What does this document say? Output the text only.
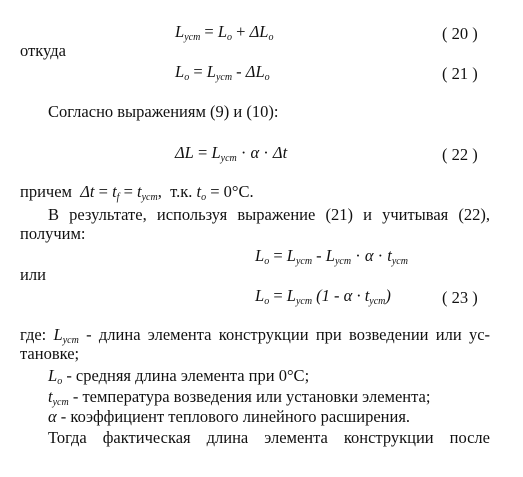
$L_{уст} = L_о + \Delta L_о$	( 20 )
откуда
$L_о = L_{уст} - \Delta L_о$	( 21 )
Согласно выражениям (9) и (10):
$\Delta L = L_{уст} \cdot \alpha \cdot \Delta t$	( 22 )
причем  $\Delta t = t_f = t_{уст}$,  т.к. $t_о = 0^\circ C$.
В результате, используя выражение (21) и учитывая (22),
получим:
$L_о = L_{уст} - L_{уст} \cdot \alpha \cdot t_{уст}$
или
$L_о = L_{уст}$ $(1 - \alpha \cdot t_{уст})$	( 23 )
где: $L_{уст}$ - длина элемента конструкции при возведении или ус-
тановке;
$L_о$ - средняя длина элемента при 0°C;
$t_{уст}$ - температура возведения или установки элемента;
α - коэффициент теплового линейного расширения.
Тогда фактическая длина элемента конструкции после
